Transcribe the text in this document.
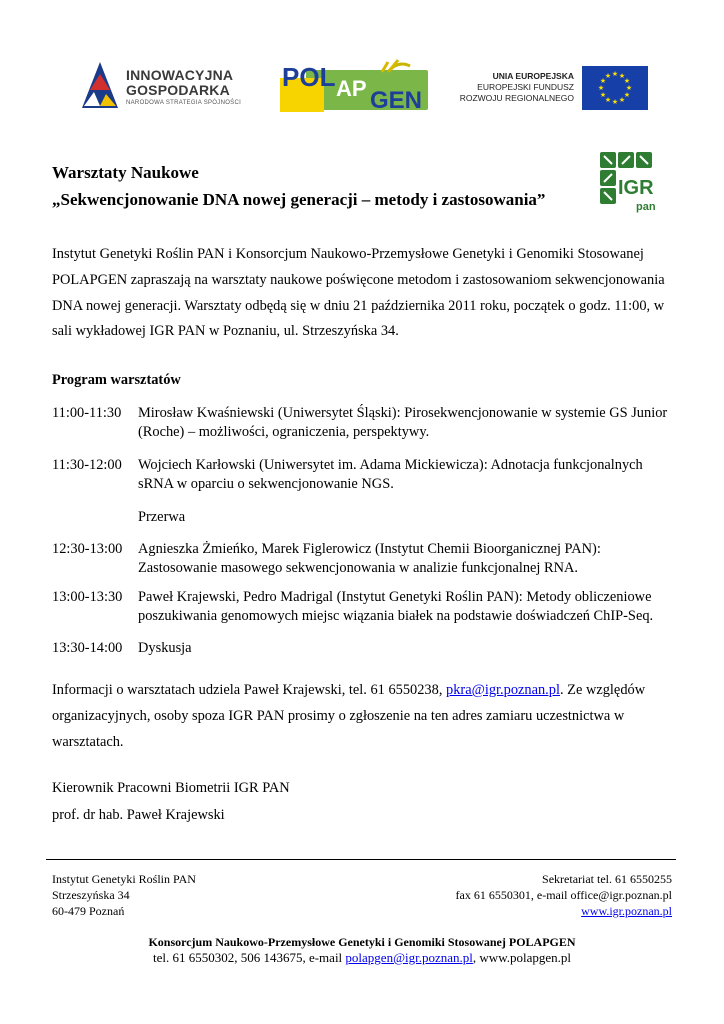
INNOWACYJNA
GOSPODARKA
NARODOWA STRATEGIA SPÓJNOŚCI
POL AP GEN
UNIA EUROPEJSKA
EUROPEJSKI FUNDUSZ
ROZWOJU REGIONALNEGO
★ ★
★
★
★
★
★
★
★
★
★
★
IGR
pan
Warsztaty Naukowe
„Sekwencjonowanie DNA nowej generacji – metody i zastosowania”
Instytut Genetyki Roślin PAN i Konsorcjum Naukowo-Przemysłowe Genetyki i Genomiki Stosowanej POLAPGEN zapraszają na warsztaty naukowe poświęcone metodom i zastosowaniom sekwencjonowania DNA nowej generacji. Warsztaty odbędą się w dniu 21 października 2011 roku, początek o godz. 11:00, w sali wykładowej IGR PAN w Poznaniu, ul. Strzeszyńska 34.
Program warsztatów
11:00-11:30 Mirosław Kwaśniewski (Uniwersytet Śląski): Pirosekwencjonowanie w systemie GS Junior (Roche) – możliwości, ograniczenia, perspektywy.
11:30-12:00 Wojciech Karłowski (Uniwersytet im. Adama Mickiewicza): Adnotacja funkcjonalnych sRNA w oparciu o sekwencjonowanie NGS.
Przerwa
12:30-13:00 Agnieszka Żmieńko, Marek Figlerowicz (Instytut Chemii Bioorganicznej PAN): Zastosowanie masowego sekwencjonowania w analizie funkcjonalnej RNA.
13:00-13:30 Paweł Krajewski, Pedro Madrigal (Instytut Genetyki Roślin PAN): Metody obliczeniowe poszukiwania genomowych miejsc wiązania białek na podstawie doświadczeń ChIP-Seq.
13:30-14:00 Dyskusja
Informacji o warsztatach udziela Paweł Krajewski, tel. 61 6550238, pkra@igr.poznan.pl. Ze względów organizacyjnych, osoby spoza IGR PAN prosimy o zgłoszenie na ten adres zamiaru uczestnictwa w warsztatach.
Kierownik Pracowni Biometrii IGR PAN
prof. dr hab. Paweł Krajewski
Instytut Genetyki Roślin PAN
Strzeszyńska 34
60-479 Poznań
Sekretariat tel. 61 6550255
fax 61 6550301, e-mail office@igr.poznan.pl
www.igr.poznan.pl
Konsorcjum Naukowo-Przemysłowe Genetyki i Genomiki Stosowanej POLAPGEN
tel. 61 6550302, 506 143675, e-mail polapgen@igr.poznan.pl, www.polapgen.pl
